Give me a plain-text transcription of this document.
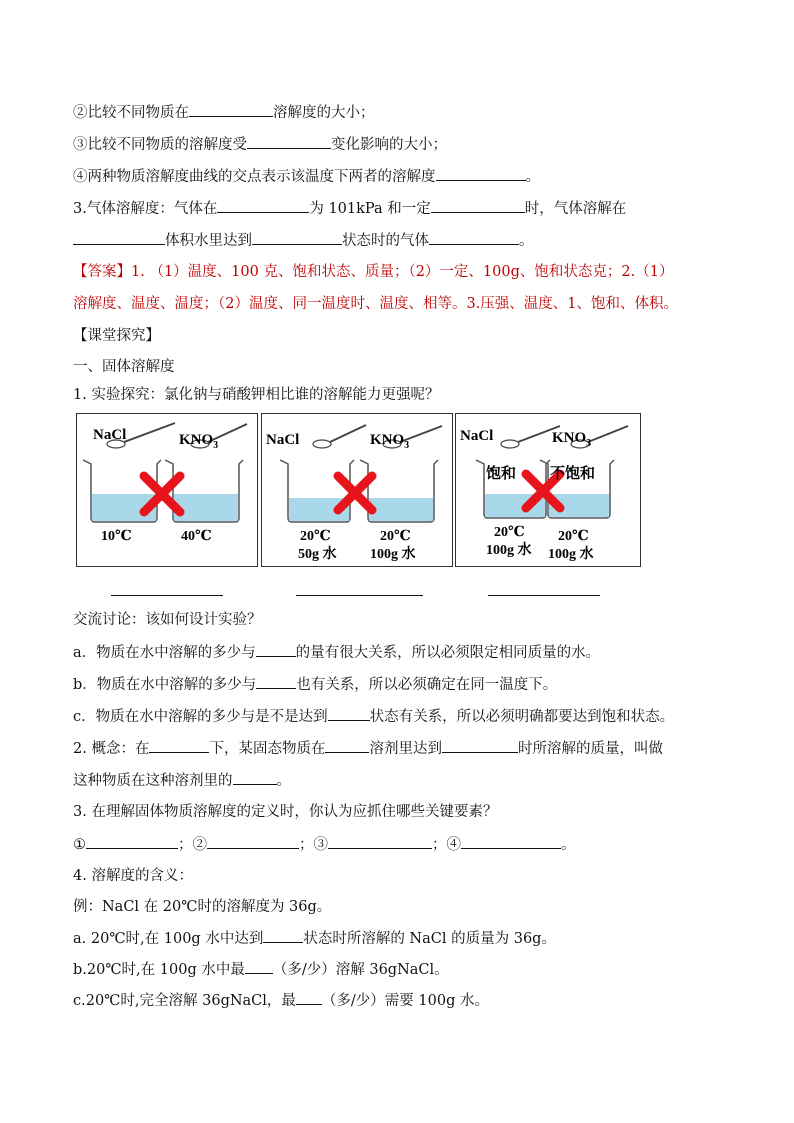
②比较不同物质在	溶解度的大小；
③比较不同物质的溶解度受	变化影响的大小；
④两种物质溶解度曲线的交点表示该温度下两者的溶解度	。
3.气体溶解度：气体在	为 101kPa 和一定	时，气体溶解在
体积水里达到	状态时的气体	。
【答案】1. （1）温度、100 克、饱和状态、质量；（2）一定、100g、饱和状态克；2.（1）
溶解度、温度、温度；（2）温度、同一温度时、温度、相等。3.压强、温度、1、饱和、体积。
【课堂探究】
一、固体溶解度
1. 实验探究：氯化钠与硝酸钾相比谁的溶解能力更强呢？
NaCl	$KNO_3$
10℃	40℃
NaCl	$KNO_3$
20℃	20℃
50g 水 100g 水
NaCl	$KNO_3$
饱和 不饱和
20℃ 20℃
100g 水 100g 水
交流讨论：该如何设计实验？
a．物质在水中溶解的多少与	的量有很大关系，所以必须限定相同质量的水。
b．物质在水中溶解的多少与	也有关系，所以必须确定在同一温度下。
c．物质在水中溶解的多少与是不是达到	状态有关系，所以必须明确都要达到饱和状态。
2. 概念：在	下，某固态物质在	溶剂里达到	时所溶解的质量，叫做
这种物质在这种溶剂里的	。
3. 在理解固体物质溶解度的定义时，你认为应抓住哪些关键要素？
①	；②	；③	；④	。
4. 溶解度的含义：
例：NaCl 在 20℃时的溶解度为 36g。
a. 20℃时,在 100g 水中达到	状态时所溶解的 NaCl 的质量为 36g。
b.20℃时,在 100g 水中最 （多/少）溶解 36gNaCl。
c.20℃时,完全溶解 36gNaCl，最 （多/少）需要 100g 水。
